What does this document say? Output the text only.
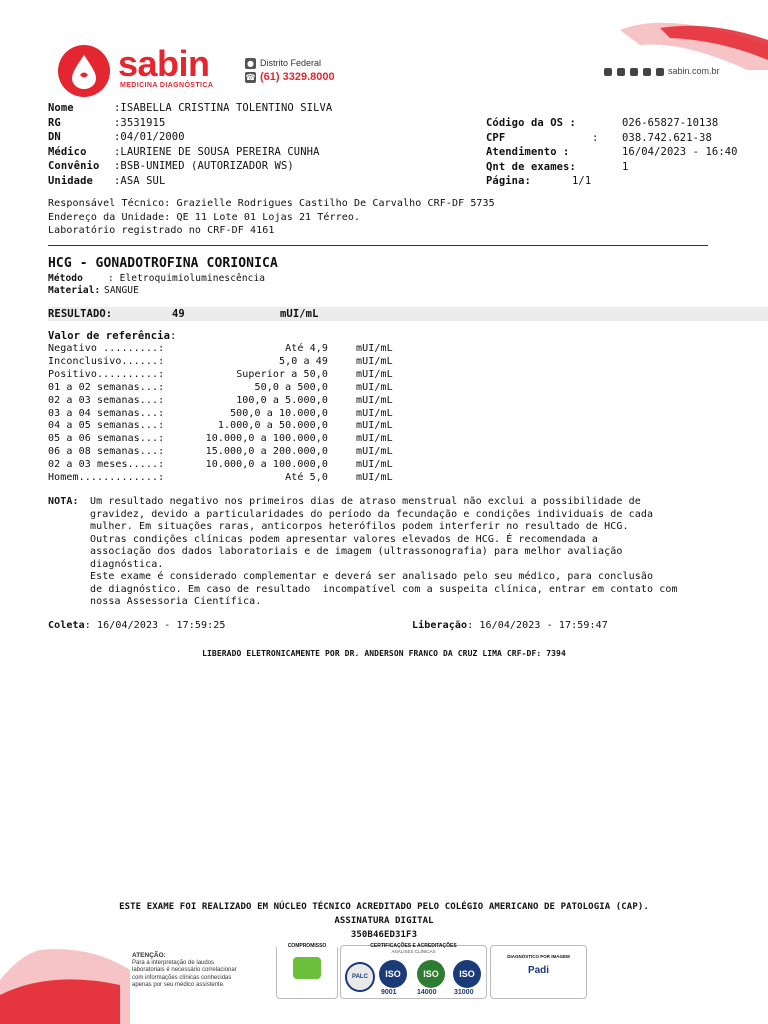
sabin
MEDICINA DIAGNÓSTICA
● Distrito Federal
☎ (61) 3329.8000	sabin.com.br
Nome	:ISABELLA CRISTINA TOLENTINO SILVA
RG	:3531915
DN	:04/01/2000
Médico	:LAURIENE DE SOUSA PEREIRA CUNHA
Convênio :BSB-UNIMED (AUTORIZADOR WS)
Unidade :ASA SUL
Código da OS :	026-65827-10138
CPF	: 038.742.621-38
Atendimento :	16/04/2023 - 16:40
Qnt de exames:	1
Página:	1/1
Responsável Técnico: Grazielle Rodrigues Castilho De Carvalho CRF-DF 5735
Endereço da Unidade: QE 11 Lote 01 Lojas 21 Térreo.
Laboratório registrado no CRF-DF 4161
HCG - GONADOTROFINA CORIONICA
Método	: Eletroquimioluminescência
Material: SANGUE
RESULTADO:	49	mUI/mL
Valor de referência:
Negativo .........:	Até 4,9	mUI/mL
Inconclusivo......:	5,0 a 49	mUI/mL
Positivo..........:	Superior a 50,0	mUI/mL
01 a 02 semanas...:	50,0 a 500,0	mUI/mL
02 a 03 semanas...:	100,0 a 5.000,0	mUI/mL
03 a 04 semanas...:	500,0 a 10.000,0	mUI/mL
04 a 05 semanas...:	1.000,0 a 50.000,0	mUI/mL
05 a 06 semanas...:	10.000,0 a 100.000,0	mUI/mL
06 a 08 semanas...:	15.000,0 a 200.000,0	mUI/mL
02 a 03 meses.....:	10.000,0 a 100.000,0	mUI/mL
Homem.............:	Até 5,0	mUI/mL
NOTA: Um resultado negativo nos primeiros dias de atraso menstrual não exclui a possibilidade de
gravidez, devido a particularidades do período da fecundação e condições individuais de cada
mulher. Em situações raras, anticorpos heterófilos podem interferir no resultado de HCG.
Outras condições clínicas podem apresentar valores elevados de HCG. É recomendada a
associação dos dados laboratoriais e de imagem (ultrassonografia) para melhor avaliação
diagnóstica.
Este exame é considerado complementar e deverá ser analisado pelo seu médico, para conclusão
de diagnóstico. Em caso de resultado  incompatível com a suspeita clínica, entrar em contato com
nossa Assessoria Científica.
Coleta: 16/04/2023 - 17:59:25	Liberação: 16/04/2023 - 17:59:47
LIBERADO ELETRONICAMENTE POR DR. ANDERSON FRANCO DA CRUZ LIMA CRF-DF: 7394
ESTE EXAME FOI REALIZADO EM NÚCLEO TÉCNICO ACREDITADO PELO COLÉGIO AMERICANO DE PATOLOGIA (CAP).
ASSINATURA DIGITAL
350B46ED31F3
ATENÇÃO:
Para a interpretação de laudos
laboratoriais é necessário correlacionar
com informações clínicas conhecidas
apenas por seu médico assistente.
COMPROMISSO	CERTIFICAÇÕES E ACREDITAÇÕES
ANÁLISES CLÍNICAS
PALC	ISO
9001
ISO
14000
ISO
31000
DIAGNÓSTICO POR IMAGEM
Padi
